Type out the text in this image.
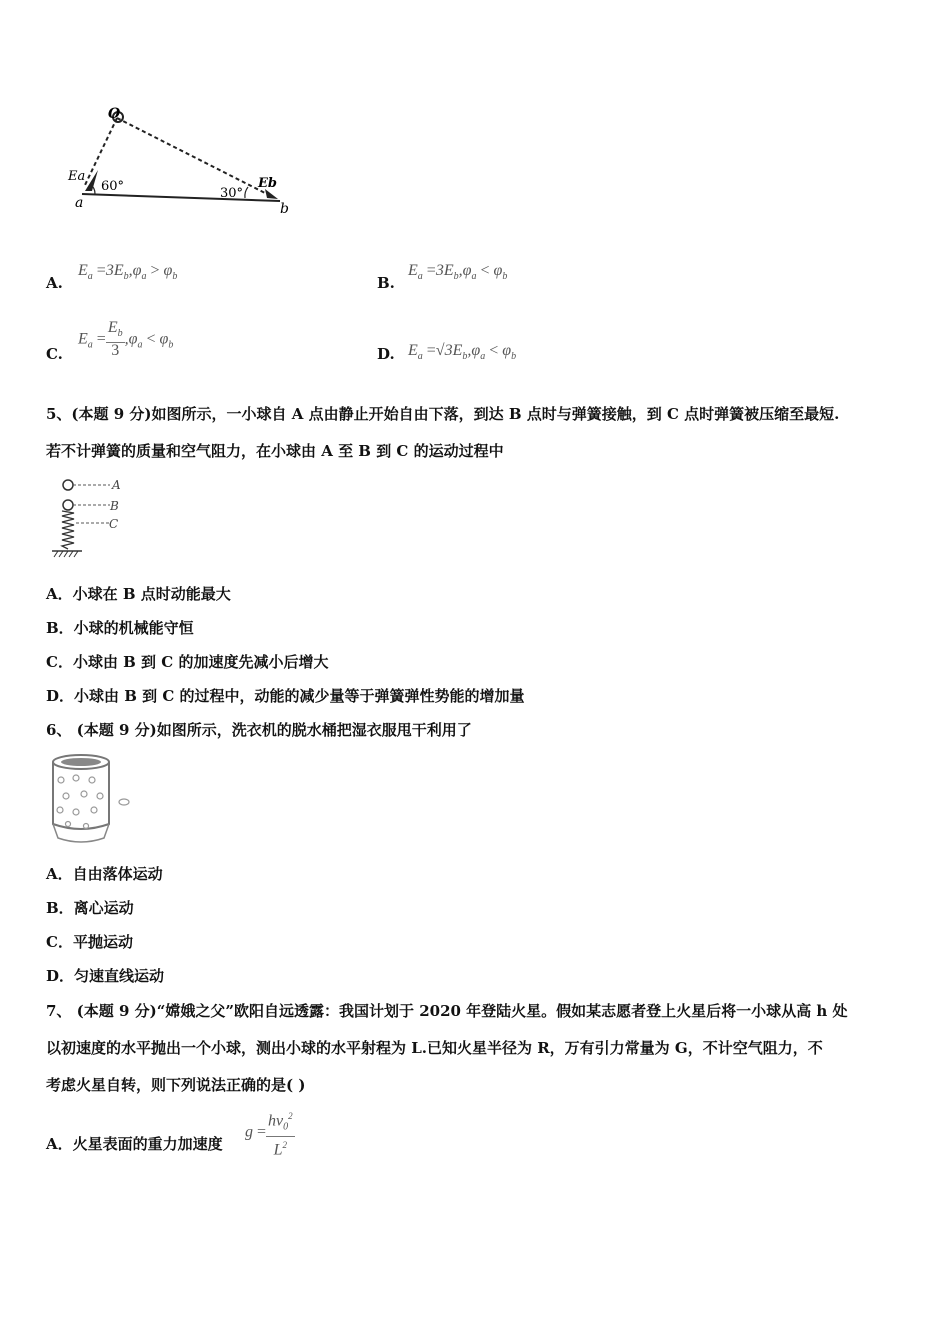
O
Ea
60°
a
30°
Eb
b
A.
$E_a =3E_b,\varphi_a > \varphi_b$	B.
$E_a =3E_b,\varphi_a < \varphi_b$
C.
$E_a = \frac{E_b}{3} ,\varphi_a < \varphi_b$
D. $E_a =√3E_b,\varphi_a < \varphi_b$
5、(本题 9 分)如图所示，一小球自 A 点由静止开始自由下落，到达 B 点时与弹簧接触，到 C 点时弹簧被压缩至最短.
若不计弹簧的质量和空气阻力，在小球由 A 至 B 到 C 的运动过程中
A
B
C
A．小球在 B 点时动能最大
B．小球的机械能守恒
C．小球由 B 到 C 的加速度先减小后增大
D．小球由 B 到 C 的过程中，动能的减少量等于弹簧弹性势能的增加量
6、 (本题 9 分)如图所示，洗衣机的脱水桶把湿衣服甩干利用了
A．自由落体运动
B．离心运动
C．平抛运动
D．匀速直线运动
7、 (本题 9 分)“嫦娥之父”欧阳自远透露：我国计划于 2020 年登陆火星。假如某志愿者登上火星后将一小球从高 h 处
以初速度的水平抛出一个小球，测出小球的水平射程为 L.已知火星半径为 R，万有引力常量为 G，不计空气阻力，不
考虑火星自转，则下列说法正确的是( )
A．火星表面的重力加速度
$g = \frac{hv_0^2}{L^2}$
